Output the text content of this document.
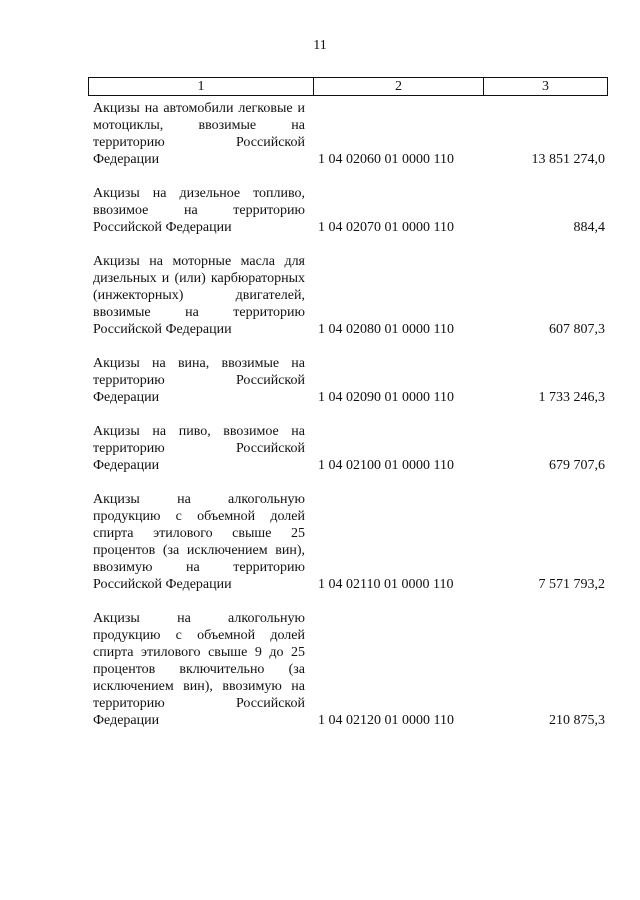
11
1	2	3
Акцизы на автомобили легковые и мотоциклы, ввозимые на территорию Российской Федерации	1 04 02060 01 0000 110	13 851 274,0
Акцизы на дизельное топливо, ввозимое на территорию Российской Федерации	1 04 02070 01 0000 110	884,4
Акцизы на моторные масла для дизельных и (или) карбюраторных (инжекторных) двигателей, ввозимые на территорию Российской Федерации	1 04 02080 01 0000 110	607 807,3
Акцизы на вина, ввозимые на территорию Российской Федерации	1 04 02090 01 0000 110	1 733 246,3
Акцизы на пиво, ввозимое на территорию Российской Федерации	1 04 02100 01 0000 110	679 707,6
Акцизы на алкогольную продукцию с объемной долей спирта этилового свыше 25 процентов (за исключением вин), ввозимую на территорию Российской Федерации	1 04 02110 01 0000 110	7 571 793,2
Акцизы на алкогольную продукцию с объемной долей спирта этилового свыше 9 до 25 процентов включительно (за исключением вин), ввозимую на территорию Российской Федерации	1 04 02120 01 0000 110	210 875,3
